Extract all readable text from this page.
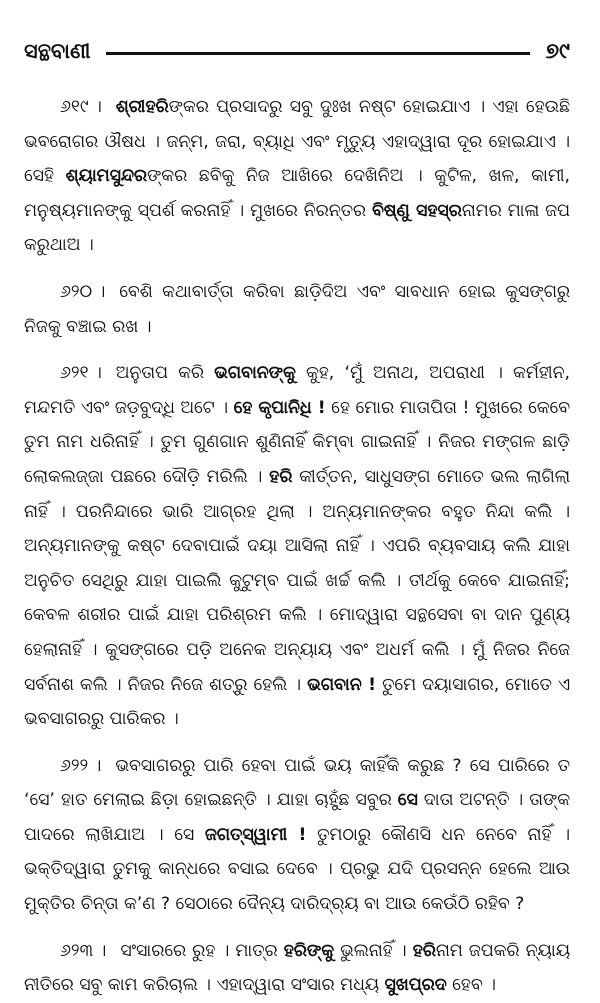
ସନ୍ଥବାଣୀ	୭୯

୬୧୯ । ଶ୍ରୀହରିଙ୍କର ପ୍ରସାଦରୁ ସବୁ ଦୁଃଖ ନଷ୍ଟ ହୋଇଯାଏ । ଏହା ହେଉଛି ଭବରୋଗର ଔଷଧ । ଜନ୍ମ, ଜରା, ବ୍ୟାଧି ଏବଂ ମୃତ୍ୟୁ ଏହାଦ୍ୱାରା ଦୂର ହୋଇଯାଏ । ସେହି ଶ୍ୟାମସୁନ୍ଦରଙ୍କର ଛବିକୁ ନିଜ ଆଖିରେ ଦେଖିନିଅ । କୁଟିଳ, ଖଳ, କାମୀ, ମନୁଷ୍ୟମାନଙ୍କୁ ସ୍ପର୍ଶ କରନାହିଁ । ମୁଖରେ ନିରନ୍ତର ବିଷ୍ଣୁ ସହସ୍ରନାମର ମାଳା ଜପ କରୁଥାଅ ।

୬୨୦ । ବେଶି କଥାବାର୍ତ୍ତା କରିବା ଛାଡ଼ିଦିଅ ଏବଂ ସାବଧାନ ହୋଇ କୁସଙ୍ଗରୁ ନିଜକୁ ବଞ୍ଚାଇ ରଖ ।

୬୨୧ । ଅନୁତାପ କରି ଭଗବାନଙ୍କୁ କୁହ, ‘ମୁଁ ଅନାଥ, ଅପରାଧୀ । କର୍ମହୀନ, ମନ୍ଦମତି ଏବଂ ଜଡ଼ବୁଦ୍ଧି ଅଟେ । ହେ କୃପାନିଧି ! ହେ ମୋର ମାତାପିତା ! ମୁଖରେ କେବେ ତୁମ ନାମ ଧରିନାହିଁ । ତୁମ ଗୁଣଗାନ ଶୁଣିନାହିଁ କିମ୍ବା ଗାଇନାହିଁ । ନିଜର ମଙ୍ଗଳ ଛାଡ଼ି ଲୋକଲଜ୍ଜା ପଛରେ ଦୌଡ଼ି ମରିଲି । ହରି କୀର୍ତ୍ତନ, ସାଧୁସଙ୍ଗ ମୋତେ ଭଲ ଲାଗିଲା ନାହିଁ । ପରନିନ୍ଦାରେ ଭାରି ଆଗ୍ରହ ଥିଲା । ଅନ୍ୟମାନଙ୍କର ବହୁତ ନିନ୍ଦା କଲି । ଅନ୍ୟମାନଙ୍କୁ କଷ୍ଟ ଦେବାପାଇଁ ଦୟା ଆସିଲା ନାହିଁ । ଏପରି ବ୍ୟବସାୟ କଲି ଯାହା ଅନୁଚିତ ସେଥିରୁ ଯାହା ପାଇଲି କୁଟୁମ୍ବ ପାଇଁ ଖର୍ଚ୍ଚ କଲି । ତୀର୍ଥକୁ କେବେ ଯାଇନାହିଁ; କେବଳ ଶରୀର ପାଇଁ ଯାହା ପରିଶ୍ରମ କଲି । ମୋଦ୍ୱାରା ସନ୍ଥସେବା ବା ଦାନ ପୁଣ୍ୟ ହେଲାନାହିଁ । କୁସଙ୍ଗରେ ପଡ଼ି ଅନେକ ଅନ୍ୟାୟ ଏବଂ ଅଧର୍ମ କଲି । ମୁଁ ନିଜର ନିଜେ ସର୍ବନାଶ କଲି । ନିଜର ନିଜେ ଶତ୍ରୁ ହେଲି । ଭଗବାନ ! ତୁମେ ଦୟାସାଗର, ମୋତେ ଏ ଭବସାଗରରୁ ପାରିକର ।

୬୨୨ । ଭବସାଗରରୁ ପାରି ହେବା ପାଇଁ ଭୟ କାହିଁକି କରୁଛ ? ସେ ପାରିରେ ତ ‘ସେ’ ହାତ ମେଲାଇ ଛିଡ଼ା ହୋଇଛନ୍ତି । ଯାହା ଚାହୁଁଛ ସବୁର ସେ ଦାତା ଅଟନ୍ତି । ତାଙ୍କ ପାଦରେ ଲାଖିଯାଅ । ସେ ଜଗତ୍‌ସ୍ୱାମୀ ! ତୁମଠାରୁ କୌଣସି ଧନ ନେବେ ନାହିଁ । ଭକ୍ତିଦ୍ୱାରା ତୁମକୁ କାନ୍ଧରେ ବସାଇ ଦେବେ । ପ୍ରଭୁ ଯଦି ପ୍ରସନ୍ନ ହେଲେ ଆଉ ମୁକ୍ତିର ଚିନ୍ତା କ’ଣ ? ସେଠାରେ ଦୈନ୍ୟ ଦାରିଦ୍ର୍ୟ ବା ଆଉ କେଉଁଠି ରହିବ ?

୬୨୩ । ସଂସାରରେ ରୁହ । ମାତ୍ର ହରିଙ୍କୁ ଭୁଲନାହିଁ । ହରିନାମ ଜପକରି ନ୍ୟାୟ ନୀତିରେ ସବୁ କାମ କରିଚାଲ । ଏହାଦ୍ୱାରା ସଂସାର ମଧ୍ୟ ସୁଖପ୍ରଦ ହେବ ।
